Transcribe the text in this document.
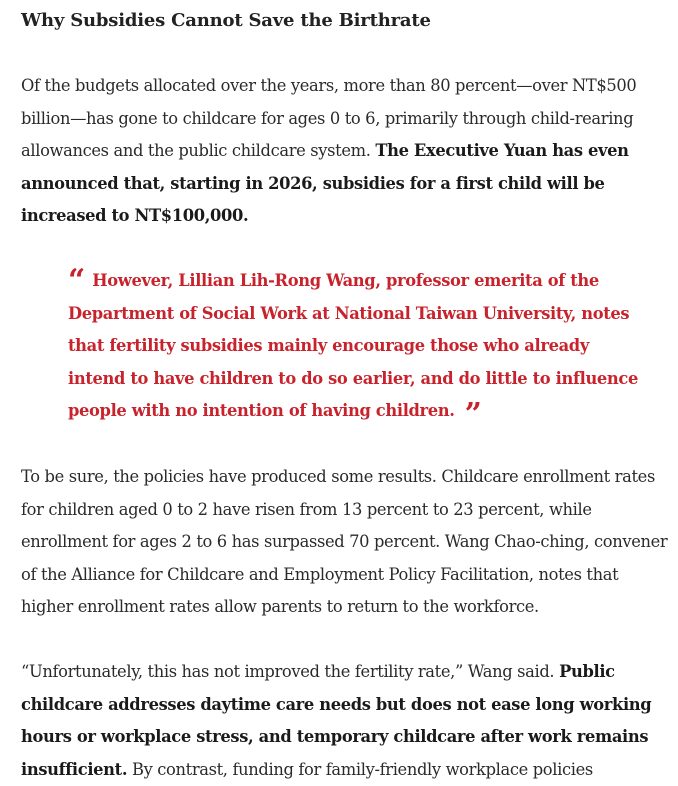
Why Subsidies Cannot Save the Birthrate

Of the budgets allocated over the years, more than 80 percent—over NT$500 billion—has gone to childcare for ages 0 to 6, primarily through child-rearing allowances and the public childcare system. The Executive Yuan has even announced that, starting in 2026, subsidies for a first child will be increased to NT$100,000.

“ However, Lillian Lih-Rong Wang, professor emerita of the Department of Social Work at National Taiwan University, notes that fertility subsidies mainly encourage those who already intend to have children to do so earlier, and do little to influence people with no intention of having children. ”

To be sure, the policies have produced some results. Childcare enrollment rates for children aged 0 to 2 have risen from 13 percent to 23 percent, while enrollment for ages 2 to 6 has surpassed 70 percent. Wang Chao-ching, convener of the Alliance for Childcare and Employment Policy Facilitation, notes that higher enrollment rates allow parents to return to the workforce.

“Unfortunately, this has not improved the fertility rate,” Wang said. Public childcare addresses daytime care needs but does not ease long working hours or workplace stress, and temporary childcare after work remains insufficient. By contrast, funding for family-friendly workplace policies
